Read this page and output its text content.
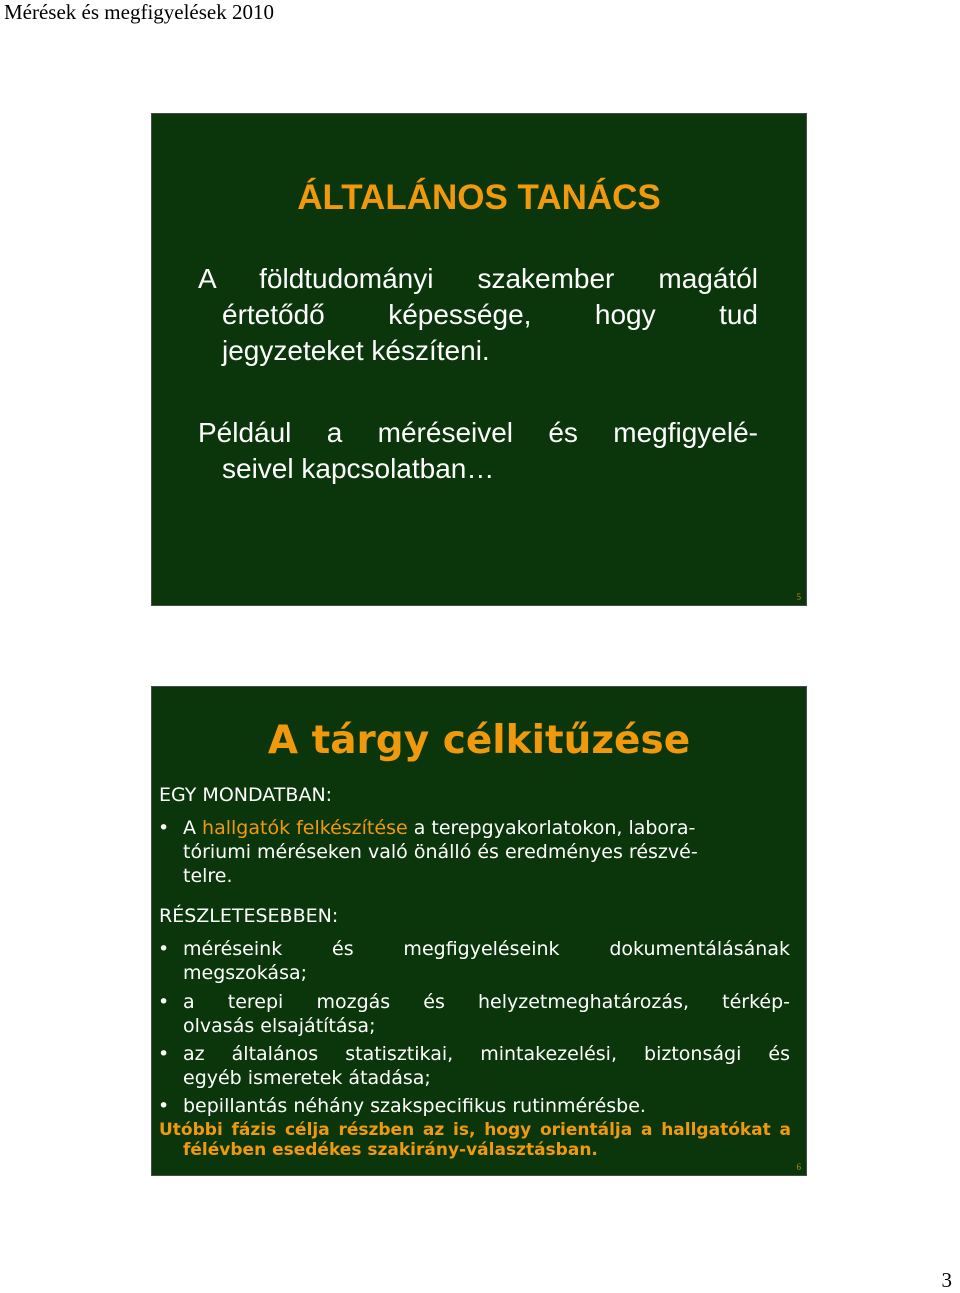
Mérések és megfigyelések 2010
ÁLTALÁNOS TANÁCS
A földtudományi szakember magától
értetődő képessége, hogy tud
jegyzeteket készíteni.
Például a méréseivel és megfigyelé-
seivel kapcsolatban…
5
A tárgy célkitűzése
EGY MONDATBAN:
• A hallgatók felkészítése a terepgyakorlatokon, labora-
tóriumi méréseken való önálló és eredményes részvé-
telre.
RÉSZLETESEBBEN:
• méréseink és megfigyeléseink dokumentálásának
megszokása;
• a terepi mozgás és helyzetmeghatározás, térkép-
olvasás elsajátítása;
• az általános statisztikai, mintakezelési, biztonsági és
egyéb ismeretek átadása;
• bepillantás néhány szakspecifikus rutinmérésbe.
Utóbbi fázis célja részben az is, hogy orientálja a hallgatókat a
félévben esedékes szakirány-választásban.
6
3
